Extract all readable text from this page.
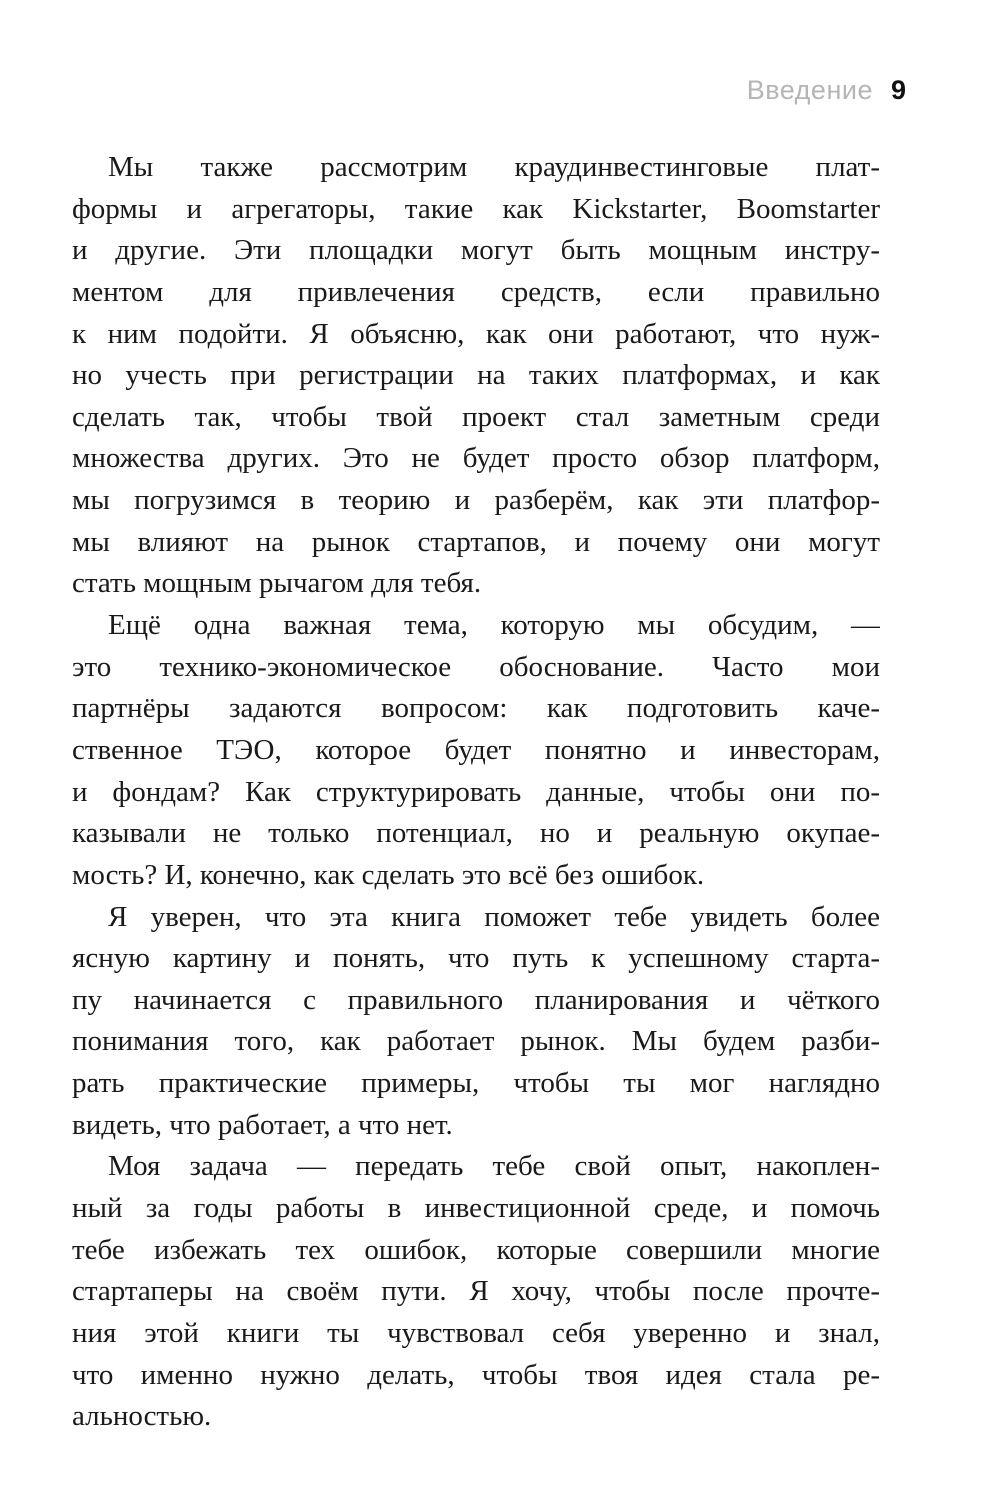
Введение 9
Мы также рассмотрим краудинвестинговые плат-
формы и агрегаторы, такие как Kickstarter, Boomstarter
и другие. Эти площадки могут быть мощным инстру-
ментом для привлечения средств, если правильно
к ним подойти. Я объясню, как они работают, что нуж-
но учесть при регистрации на таких платформах, и как
сделать так, чтобы твой проект стал заметным среди
множества других. Это не будет просто обзор платформ,
мы погрузимся в теорию и разберём, как эти платфор-
мы влияют на рынок стартапов, и почему они могут
стать мощным рычагом для тебя.
Ещё одна важная тема, которую мы обсудим, —
это технико-экономическое обоснование. Часто мои
партнёры задаются вопросом: как подготовить каче-
ственное ТЭО, которое будет понятно и инвесторам,
и фондам? Как структурировать данные, чтобы они по-
казывали не только потенциал, но и реальную окупае-
мость? И, конечно, как сделать это всё без ошибок.
Я уверен, что эта книга поможет тебе увидеть более
ясную картину и понять, что путь к успешному старта-
пу начинается с правильного планирования и чёткого
понимания того, как работает рынок. Мы будем разби-
рать практические примеры, чтобы ты мог наглядно
видеть, что работает, а что нет.
Моя задача — передать тебе свой опыт, накоплен-
ный за годы работы в инвестиционной среде, и помочь
тебе избежать тех ошибок, которые совершили многие
стартаперы на своём пути. Я хочу, чтобы после прочте-
ния этой книги ты чувствовал себя уверенно и знал,
что именно нужно делать, чтобы твоя идея стала ре-
альностью.
